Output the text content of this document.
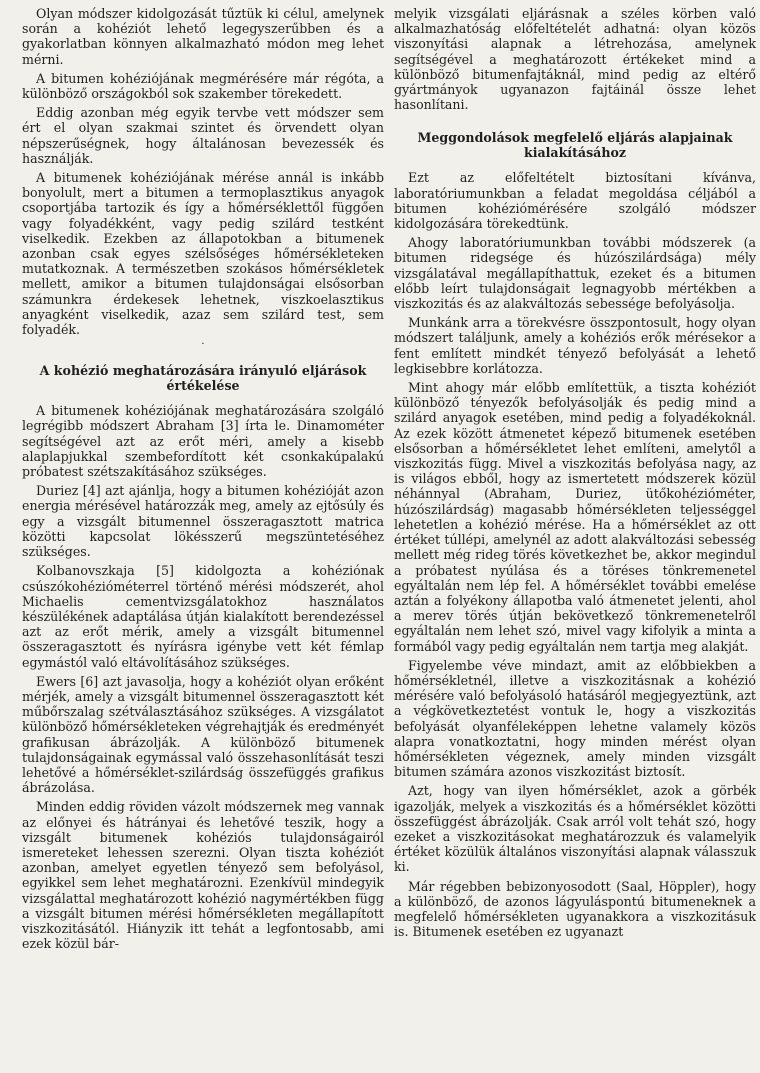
Olyan módszer kidolgozását tűztük ki célul, amelynek során a kohéziót lehető legegyszerűbben és a gyakorlatban könnyen alkalmazható módon meg lehet mérni.

A bitumen kohéziójának megmérésére már régóta, a különböző országokból sok szakember törekedett.

Eddig azonban még egyik tervbe vett módszer sem ért el olyan szakmai szintet és örvendett olyan népszerűségnek, hogy általánosan bevezessék és használják.

A bitumenek kohéziójának mérése annál is inkább bonyolult, mert a bitumen a termoplasztikus anyagok csoportjába tartozik és így a hőmérséklettől függően vagy folyadékként, vagy pedig szilárd testként viselkedik. Ezekben az állapotokban a bitumenek azonban csak egyes szélsőséges hőmérsékleteken mutatkoznak. A természetben szokásos hőmérsékletek mellett, amikor a bitumen tulajdonságai elsősorban számunkra érdekesek lehetnek, viszkoelasztikus anyagként viselkedik, azaz sem szilárd test, sem folyadék.

·
A kohézió meghatározására irányuló eljárások
értékelése

A bitumenek kohéziójának meghatározására szolgáló legrégibb módszert Abraham [3] írta le. Dinamométer segítségével azt az erőt méri, amely a kisebb alaplapjukkal szembefordított két csonkakúpalakú próbatest szétszakításához szükséges.

Duriez [4] azt ajánlja, hogy a bitumen kohézióját azon energia mérésével határozzák meg, amely az ejtősúly és egy a vizsgált bitumennel összeragasztott matrica közötti kapcsolat lökésszerű megszüntetéséhez szükséges.

Kolbanovszkaja [5] kidolgozta a kohéziónak csúszókohézióméterrel történő mérési módszerét, ahol Michaelis cementvizsgálatokhoz használatos készülékének adaptálása útján kialakított berendezéssel azt az erőt mérik, amely a vizsgált bitumennel összeragasztott és nyírásra igénybe vett két fémlap egymástól való eltávolításához szükséges.

Ewers [6] azt javasolja, hogy a kohéziót olyan erőként mérjék, amely a vizsgált bitumennel összeragasztott két műbőrszalag szétválasztásához szükséges. A vizsgálatot különböző hőmérsékleteken végrehajtják és eredményét grafikusan ábrázolják. A különböző bitumenek tulajdonságainak egymással való összehasonlítását teszi lehetővé a hőmérséklet-szilárdság összefüggés grafikus ábrázolása.

Minden eddig röviden vázolt módszernek meg vannak az előnyei és hátrányai és lehetővé teszik, hogy a vizsgált bitumenek kohéziós tulajdonságairól ismereteket lehessen szerezni. Olyan tiszta kohéziót azonban, amelyet egyetlen tényező sem befolyásol, egyikkel sem lehet meghatározni. Ezenkívül mindegyik vizsgálattal meghatározott kohézió nagymértékben függ a vizsgált bitumen mérési hőmérsékleten megállapított viszkozitásától. Hiányzik itt tehát a legfontosabb, ami ezek közül bár-

melyik vizsgálati eljárásnak a széles körben való alkalmazhatóság előfeltételét adhatná: olyan közös viszonyítási alapnak a létrehozása, amelynek segítségével a meghatározott értékeket mind a különböző bitumenfajtáknál, mind pedig az eltérő gyártmányok ugyanazon fajtáinál össze lehet hasonlítani.

Meggondolások megfelelő eljárás alapjainak
kialakításához

Ezt az előfeltételt biztosítani kívánva, laboratóriumunkban a feladat megoldása céljából a bitumen kohéziómérésére szolgáló módszer kidolgozására törekedtünk.

Ahogy laboratóriumunkban további módszerek (a bitumen ridegsége és húzószilárdsága) mély vizsgálatával megállapíthattuk, ezeket és a bitumen előbb leírt tulajdonságait legnagyobb mértékben a viszkozitás és az alakváltozás sebessége befolyásolja.

Munkánk arra a törekvésre összpontosult, hogy olyan módszert találjunk, amely a kohéziós erők mérésekor a fent említett mindkét tényező befolyását a lehető legkisebbre korlátozza.

Mint ahogy már előbb említettük, a tiszta kohéziót különböző tényezők befolyásolják és pedig mind a szilárd anyagok esetében, mind pedig a folyadékoknál. Az ezek között átmenetet képező bitumenek esetében elsősorban a hőmérsékletet lehet említeni, amelytől a viszkozitás függ. Mivel a viszkozitás befolyása nagy, az is világos ebből, hogy az ismertetett módszerek közül néhánnyal (Abraham, Duriez, ütőkohézióméter, húzószilárdság) magasabb hőmérsékleten teljességgel lehetetlen a kohézió mérése. Ha a hőmérséklet az ott értéket túllépi, amelynél az adott alakváltozási sebesség mellett még rideg törés következhet be, akkor megindul a próbatest nyúlása és a töréses tönkremenetel egyáltalán nem lép fel. A hőmérséklet további emelése aztán a folyékony állapotba való átmenetet jelenti, ahol a merev törés útján bekövetkező tönkremenetelről egyáltalán nem lehet szó, mivel vagy kifolyik a minta a formából vagy pedig egyáltalán nem tartja meg alakját.

Figyelembe véve mindazt, amit az előbbiekben a hőmérsékletnél, illetve a viszkozitásnak a kohézió mérésére való befolyásoló hatásáról megjegyeztünk, azt a végkövetkeztetést vontuk le, hogy a viszkozitás befolyását olyanféleképpen lehetne valamely közös alapra vonatkoztatni, hogy minden mérést olyan hőmérsékleten végeznek, amely minden vizsgált bitumen számára azonos viszkozitást biztosít.

Azt, hogy van ilyen hőmérséklet, azok a görbék igazolják, melyek a viszkozitás és a hőmérséklet közötti összefüggést ábrázolják. Csak arról volt tehát szó, hogy ezeket a viszkozitásokat meghatározzuk és valamelyik értéket közülük általános viszonyítási alapnak válasszuk ki.

Már régebben bebizonyosodott (Saal, Höppler), hogy a különböző, de azonos lágyuláspontú bitumeneknek a megfelelő hőmérsékleten ugyanakkora a viszkozitásuk is. Bitumenek esetében ez ugyanazt
